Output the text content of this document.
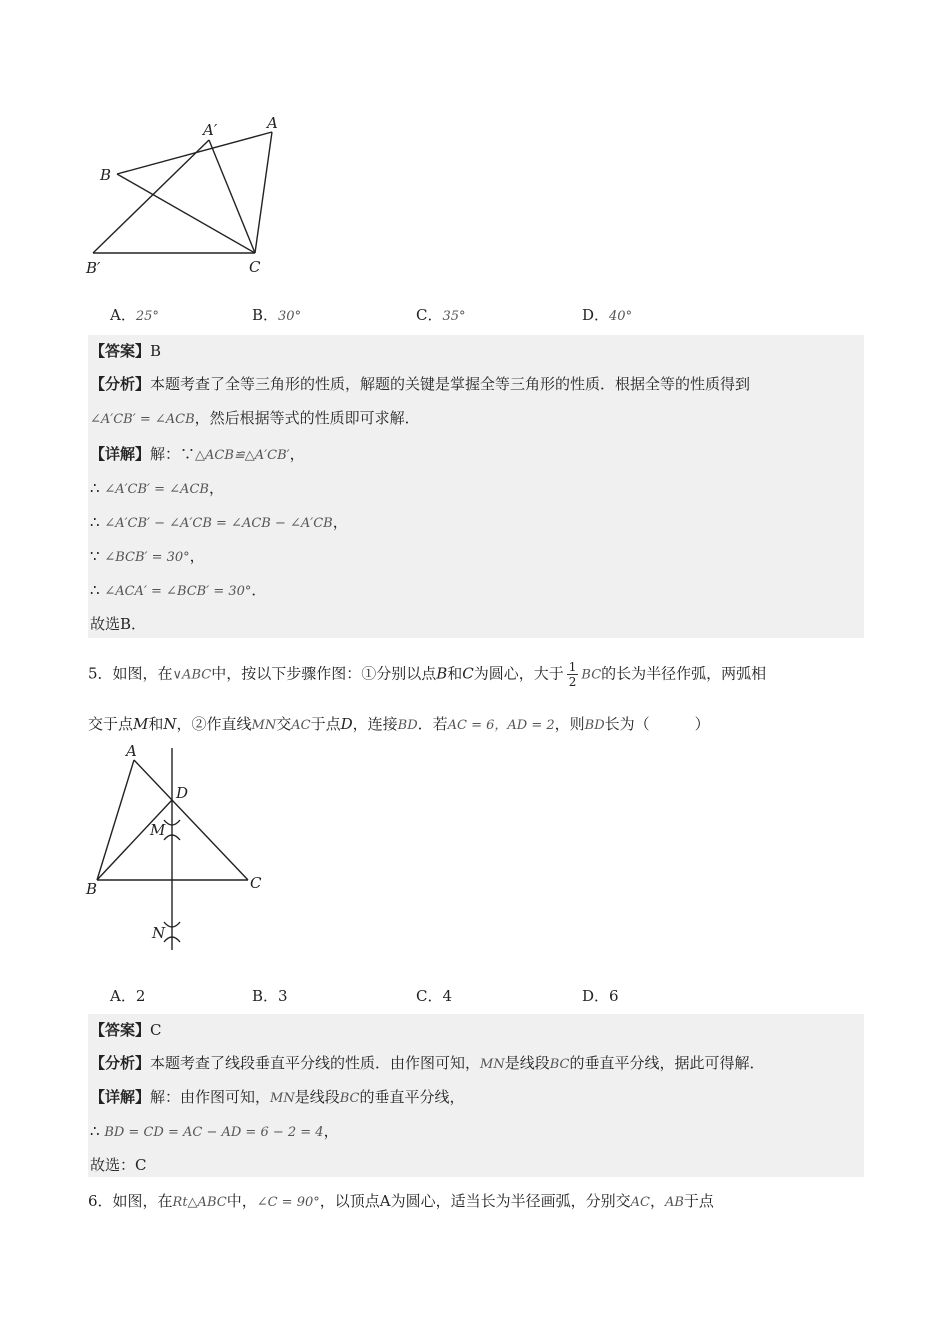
A′	A
B
B′	C
A．25°	B．30°	C．35°	D．40°
【答案】B
【分析】本题考查了全等三角形的性质，解题的关键是掌握全等三角形的性质．根据全等的性质得到
∠A′CB′ = ∠ACB，然后根据等式的性质即可求解．
【详解】解：∵△ACB≌△A′CB′，
∴ ∠A′CB′ = ∠ACB，
∴ ∠A′CB′ − ∠A′CB = ∠ACB − ∠A′CB，
∵ ∠BCB′ = 30°，
∴ ∠ACA′ = ∠BCB′ = 30°．
故选B．
5．如图，在∨ABC中，按以下步骤作图：①分别以点B和C为圆心，大于 $\frac{1}{2}$ BC的长为半径作弧，两弧相
交于点M和N，②作直线MN交AC于点D，连接BD．若AC = 6，AD = 2，则BD长为（　　　）
A
D
M
B	C
N
A．2	B．3	C．4	D．6
【答案】C
【分析】本题考查了线段垂直平分线的性质．由作图可知，MN是线段BC的垂直平分线，据此可得解．
【详解】解：由作图可知，MN是线段BC的垂直平分线，
∴ BD = CD = AC − AD = 6 − 2 = 4，
故选：C
6．如图，在Rt△ABC中，∠C = 90°，以顶点A为圆心，适当长为半径画弧，分别交AC，AB于点
